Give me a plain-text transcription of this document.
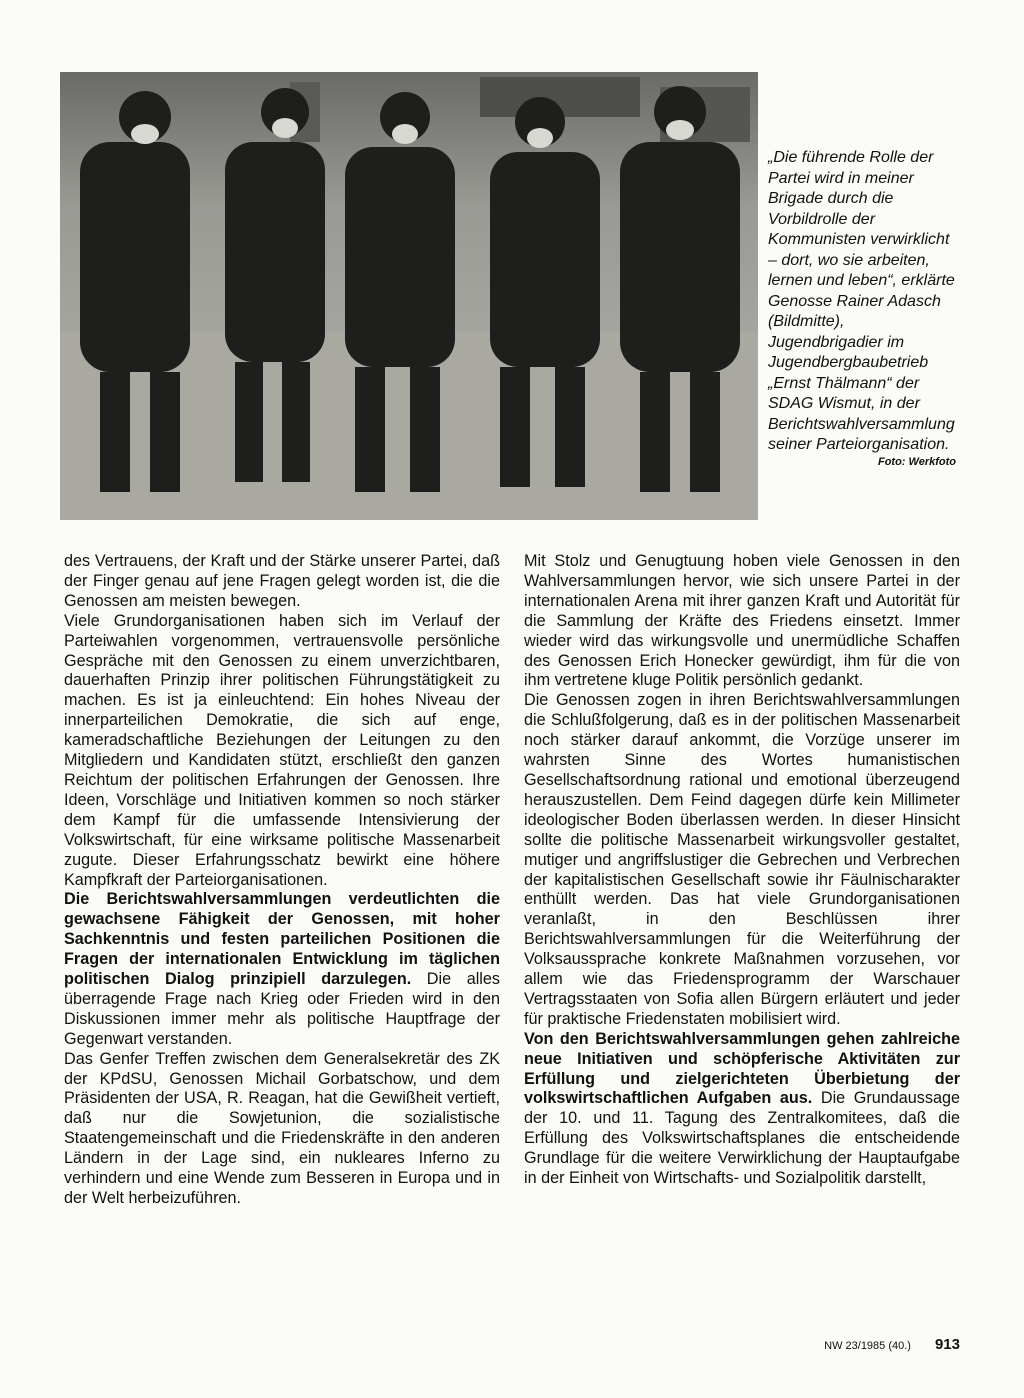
„Die führende Rolle der Partei wird in meiner Brigade durch die Vorbildrolle der Kommunisten verwirklicht – dort, wo sie arbeiten, lernen und leben“, erklärte Genosse Rainer Adasch (Bildmitte), Jugendbrigadier im Jugendbergbaubetrieb „Ernst Thälmann“ der SDAG Wismut, in der Berichtswahlversammlung seiner Parteiorganisation.
Foto: Werkfoto

des Vertrauens, der Kraft und der Stärke unserer Partei, daß der Finger genau auf jene Fragen gelegt worden ist, die die Genossen am meisten bewegen.

Viele Grundorganisationen haben sich im Verlauf der Parteiwahlen vorgenommen, vertrauensvolle persönliche Gespräche mit den Genossen zu einem unverzichtbaren, dauerhaften Prinzip ihrer politischen Führungstätigkeit zu machen. Es ist ja einleuchtend: Ein hohes Niveau der innerparteilichen Demokratie, die sich auf enge, kameradschaftliche Beziehungen der Leitungen zu den Mitgliedern und Kandidaten stützt, erschließt den ganzen Reichtum der politischen Erfahrungen der Genossen. Ihre Ideen, Vorschläge und Initiativen kommen so noch stärker dem Kampf für die umfassende Intensivierung der Volkswirtschaft, für eine wirksame politische Massenarbeit zugute. Dieser Erfahrungsschatz bewirkt eine höhere Kampfkraft der Parteiorganisationen.

Die Berichtswahlversammlungen verdeutlichten die gewachsene Fähigkeit der Genossen, mit hoher Sachkenntnis und festen parteilichen Positionen die Fragen der internationalen Entwicklung im täglichen politischen Dialog prinzipiell darzulegen. Die alles überragende Frage nach Krieg oder Frieden wird in den Diskussionen immer mehr als politische Hauptfrage der Gegenwart verstanden.

Das Genfer Treffen zwischen dem Generalsekretär des ZK der KPdSU, Genossen Michail Gorbatschow, und dem Präsidenten der USA, R. Reagan, hat die Gewißheit vertieft, daß nur die Sowjetunion, die sozialistische Staatengemeinschaft und die Friedenskräfte in den anderen Ländern in der Lage sind, ein nukleares Inferno zu verhindern und eine Wende zum Besseren in Europa und in der Welt herbeizuführen.

Mit Stolz und Genugtuung hoben viele Genossen in den Wahlversammlungen hervor, wie sich unsere Partei in der internationalen Arena mit ihrer ganzen Kraft und Autorität für die Sammlung der Kräfte des Friedens einsetzt. Immer wieder wird das wirkungsvolle und unermüdliche Schaffen des Genossen Erich Honecker gewürdigt, ihm für die von ihm vertretene kluge Politik persönlich gedankt.

Die Genossen zogen in ihren Berichtswahlversammlungen die Schlußfolgerung, daß es in der politischen Massenarbeit noch stärker darauf ankommt, die Vorzüge unserer im wahrsten Sinne des Wortes humanistischen Gesellschaftsordnung rational und emotional überzeugend herauszustellen. Dem Feind dagegen dürfe kein Millimeter ideologischer Boden überlassen werden. In dieser Hinsicht sollte die politische Massenarbeit wirkungsvoller gestaltet, mutiger und angriffslustiger die Gebrechen und Verbrechen der kapitalistischen Gesellschaft sowie ihr Fäulnischarakter enthüllt werden. Das hat viele Grundorganisationen veranlaßt, in den Beschlüssen ihrer Berichtswahlversammlungen für die Weiterführung der Volksaussprache konkrete Maßnahmen vorzusehen, vor allem wie das Friedensprogramm der Warschauer Vertragsstaaten von Sofia allen Bürgern erläutert und jeder für praktische Friedenstaten mobilisiert wird.

Von den Berichtswahlversammlungen gehen zahlreiche neue Initiativen und schöpferische Aktivitäten zur Erfüllung und zielgerichteten Überbietung der volkswirtschaftlichen Aufgaben aus. Die Grundaussage der 10. und 11. Tagung des Zentralkomitees, daß die Erfüllung des Volkswirtschaftsplanes die entscheidende Grundlage für die weitere Verwirklichung der Hauptaufgabe in der Einheit von Wirtschafts- und Sozialpolitik darstellt,

NW 23/1985 (40.) 913
